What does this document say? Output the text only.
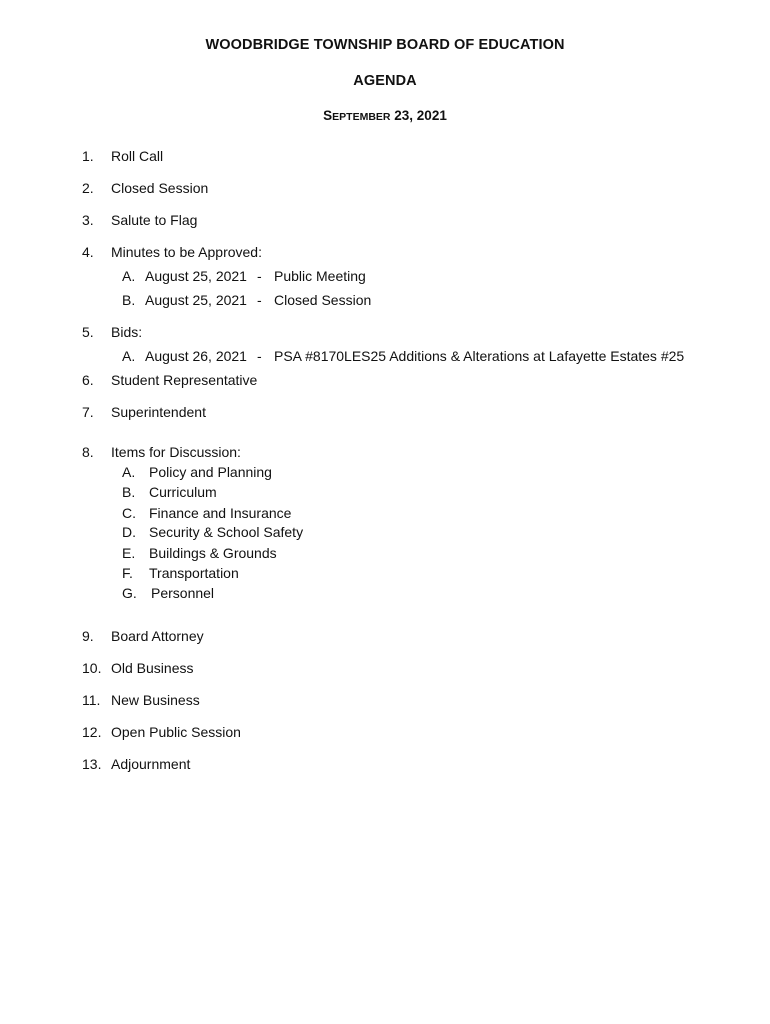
WOODBRIDGE TOWNSHIP BOARD OF EDUCATION
AGENDA
SEPTEMBER 23, 2021
1. Roll Call
2. Closed Session
3. Salute to Flag
4. Minutes to be Approved:
A. August 25, 2021 - Public Meeting
B. August 25, 2021 - Closed Session
5. Bids:
A. August 26, 2021 - PSA #8170LES25 Additions & Alterations at Lafayette Estates #25
6. Student Representative
7. Superintendent
8. Items for Discussion:
A. Policy and Planning
B. Curriculum
C. Finance and Insurance
D. Security & School Safety
E. Buildings & Grounds
F. Transportation
G. Personnel
9. Board Attorney
10. Old Business
11. New Business
12. Open Public Session
13. Adjournment
